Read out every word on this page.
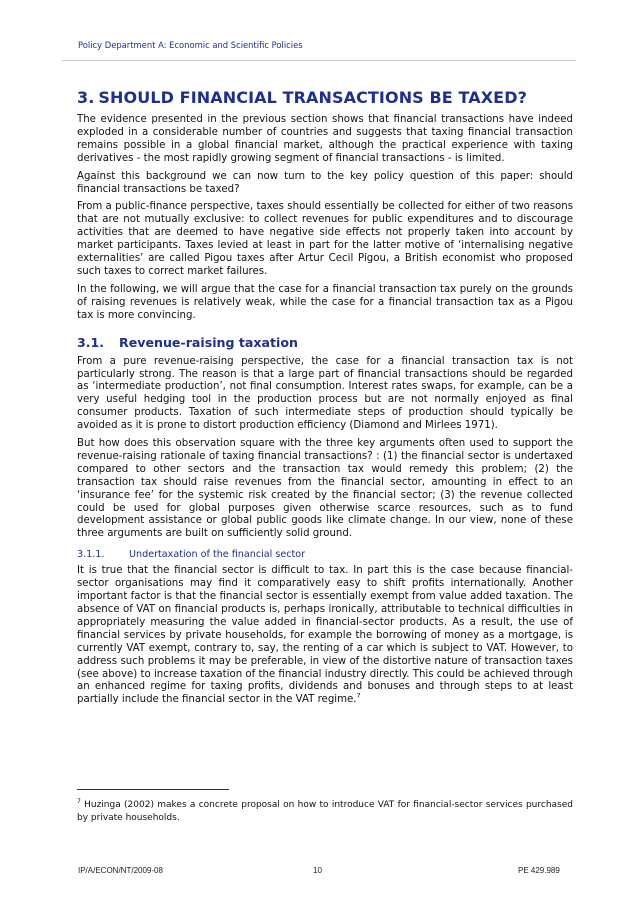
Policy Department A: Economic and Scientific Policies
3. SHOULD FINANCIAL TRANSACTIONS BE TAXED?

The evidence presented in the previous section shows that financial transactions have indeed exploded in a considerable number of countries and suggests that taxing financial transaction remains possible in a global financial market, although the practical experience with taxing derivatives - the most rapidly growing segment of financial transactions - is limited.

Against this background we can now turn to the key policy question of this paper: should financial transactions be taxed?

From a public-finance perspective, taxes should essentially be collected for either of two reasons that are not mutually exclusive: to collect revenues for public expenditures and to discourage activities that are deemed to have negative side effects not properly taken into account by market participants. Taxes levied at least in part for the latter motive of ‘internalising negative externalities’ are called Pigou taxes after Artur Cecil Pigou, a British economist who proposed such taxes to correct market failures.

In the following, we will argue that the case for a financial transaction tax purely on the grounds of raising revenues is relatively weak, while the case for a financial transaction tax as a Pigou tax is more convincing.

3.1. Revenue-raising taxation

From a pure revenue-raising perspective, the case for a financial transaction tax is not particularly strong. The reason is that a large part of financial transactions should be regarded as ‘intermediate production’, not final consumption. Interest rates swaps, for example, can be a very useful hedging tool in the production process but are not normally enjoyed as final consumer products. Taxation of such intermediate steps of production should typically be avoided as it is prone to distort production efficiency (Diamond and Mirlees 1971).

But how does this observation square with the three key arguments often used to support the revenue-raising rationale of taxing financial transactions? : (1) the financial sector is undertaxed compared to other sectors and the transaction tax would remedy this problem; (2) the transaction tax should raise revenues from the financial sector, amounting in effect to an ‘insurance fee’ for the systemic risk created by the financial sector; (3) the revenue collected could be used for global purposes given otherwise scarce resources, such as to fund development assistance or global public goods like climate change. In our view, none of these three arguments are built on sufficiently solid ground.

3.1.1.	Undertaxation of the financial sector

It is true that the financial sector is difficult to tax. In part this is the case because financial-sector organisations may find it comparatively easy to shift profits internationally. Another important factor is that the financial sector is essentially exempt from value added taxation. The absence of VAT on financial products is, perhaps ironically, attributable to technical difficulties in appropriately measuring the value added in financial-sector products. As a result, the use of financial services by private households, for example the borrowing of money as a mortgage, is currently VAT exempt, contrary to, say, the renting of a car which is subject to VAT. However, to address such problems it may be preferable, in view of the distortive nature of transaction taxes (see above) to increase taxation of the financial industry directly. This could be achieved through an enhanced regime for taxing profits, dividends and bonuses and through steps to at least partially include the financial sector in the VAT regime.$^7$

$^7$ Huzinga (2002) makes a concrete proposal on how to introduce VAT for financial-sector services purchased by private households.
IP/A/ECON/NT/2009-08	10	PE 429.989
